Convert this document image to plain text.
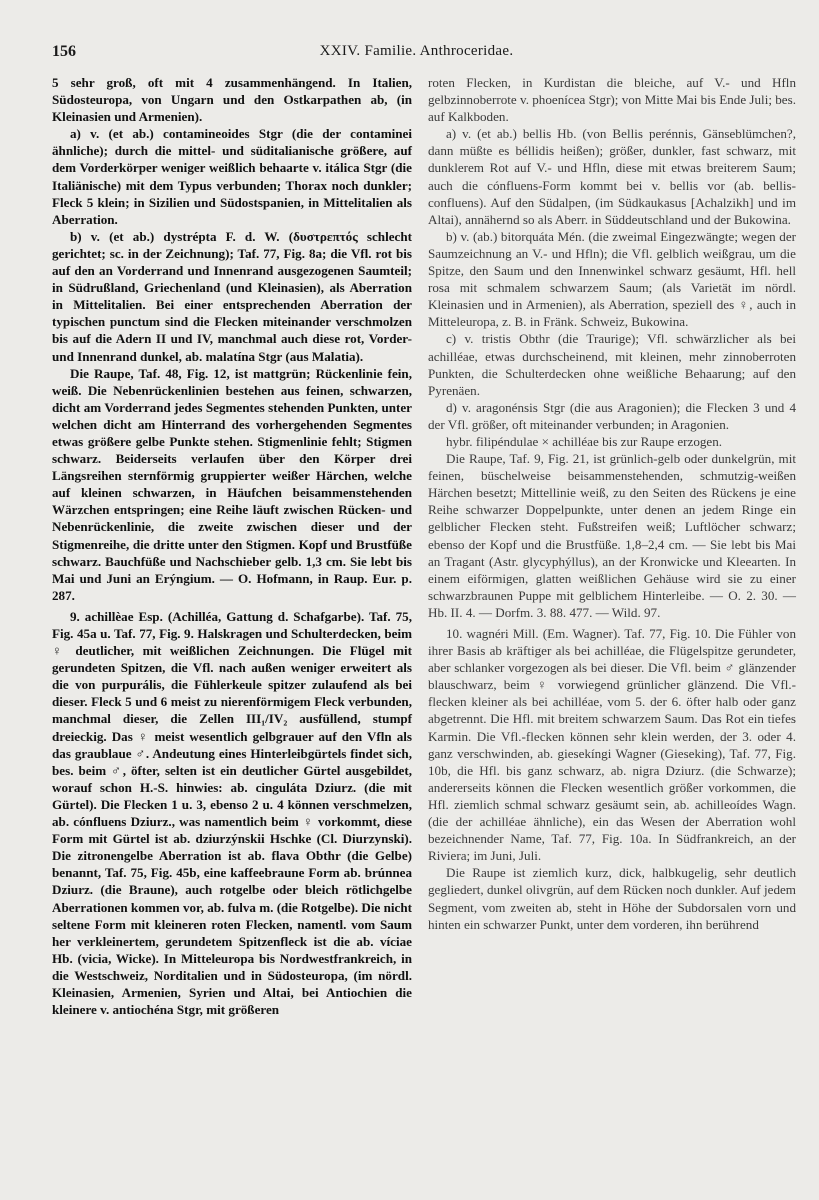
156	XXIV. Familie. Anthroceridae.

5 sehr groß, oft mit 4 zusammenhängend. In Italien, Südosteuropa, von Ungarn und den Ostkarpathen ab, (in Kleinasien und Armenien).

a) v. (et ab.) contamineoides Stgr (die der contaminei ähnliche); durch die mittel- und süditalianische größere, auf dem Vorderkörper weniger weißlich behaarte v. itálica Stgr (die Italiänische) mit dem Typus verbunden; Thorax noch dunkler; Fleck 5 klein; in Sizilien und Südostspanien, in Mittelitalien als Aberration.

b) v. (et ab.) dystrépta F. d. W. (δυστρεπτός schlecht gerichtet; sc. in der Zeichnung); Taf. 77, Fig. 8a; die Vfl. rot bis auf den an Vorderrand und Innenrand ausgezogenen Saumteil; in Südrußland, Griechenland (und Kleinasien), als Aberration in Mittelitalien. Bei einer entsprechenden Aberration der typischen punctum sind die Flecken miteinander verschmolzen bis auf die Adern II und IV, manchmal auch diese rot, Vorder- und Innenrand dunkel, ab. malatína Stgr (aus Malatia).

Die Raupe, Taf. 48, Fig. 12, ist mattgrün; Rückenlinie fein, weiß. Die Nebenrückenlinien bestehen aus feinen, schwarzen, dicht am Vorderrand jedes Segmentes stehenden Punkten, unter welchen dicht am Hinterrand des vorhergehenden Segmentes etwas größere gelbe Punkte stehen. Stigmenlinie fehlt; Stigmen schwarz. Beiderseits verlaufen über den Körper drei Längsreihen sternförmig gruppierter weißer Härchen, welche auf kleinen schwarzen, in Häufchen beisammenstehenden Wärzchen entspringen; eine Reihe läuft zwischen Rücken- und Nebenrückenlinie, die zweite zwischen dieser und der Stigmenreihe, die dritte unter den Stigmen. Kopf und Brustfüße schwarz. Bauchfüße und Nachschieber gelb. 1,3 cm. Sie lebt bis Mai und Juni an Erýngium. — O. Hofmann, in Raup. Eur. p. 287.

9. achillèae Esp. (Achilléa, Gattung d. Schafgarbe). Taf. 75, Fig. 45a u. Taf. 77, Fig. 9. Halskragen und Schulterdecken, beim ♀ deutlicher, mit weißlichen Zeichnungen. Die Flügel mit gerundeten Spitzen, die Vfl. nach außen weniger erweitert als die von purpurális, die Fühlerkeule spitzer zulaufend als bei dieser. Fleck 5 und 6 meist zu nierenförmigem Fleck verbunden, manchmal dieser, die Zellen III₁/IV₂ ausfüllend, stumpf dreieckig. Das ♀ meist wesentlich gelbgrauer auf den Vfln als das graublaue ♂. Andeutung eines Hinterleibgürtels findet sich, bes. beim ♂, öfter, selten ist ein deutlicher Gürtel ausgebildet, worauf schon H.-S. hinwies: ab. cinguláta Dziurz. (die mit Gürtel). Die Flecken 1 u. 3, ebenso 2 u. 4 können verschmelzen, ab. cónfluens Dziurz., was namentlich beim ♀ vorkommt, diese Form mit Gürtel ist ab. dziurzýnskii Hschke (Cl. Diurzynski). Die zitronengelbe Aberration ist ab. flava Obthr (die Gelbe) benannt, Taf. 75, Fig. 45b, eine kaffeebraune Form ab. brúnnea Dziurz. (die Braune), auch rotgelbe oder bleich rötlichgelbe Aberrationen kommen vor, ab. fulva m. (die Rotgelbe). Die nicht seltene Form mit kleineren roten Flecken, namentl. vom Saum her verkleinertem, gerundetem Spitzenfleck ist die ab. víciae Hb. (vicia, Wicke). In Mitteleuropa bis Nordwestfrankreich, in die Westschweiz, Norditalien und in Südosteuropa, (im nördl. Kleinasien, Armenien, Syrien und Altai, bei Antiochien die kleinere v. antiochéna Stgr, mit größeren

roten Flecken, in Kurdistan die bleiche, auf V.- und Hfln gelbzinnoberrote v. phoenícea Stgr); von Mitte Mai bis Ende Juli; bes. auf Kalkboden.

a) v. (et ab.) bellis Hb. (von Bellis perénnis, Gänseblümchen?, dann müßte es béllidis heißen); größer, dunkler, fast schwarz, mit dunklerem Rot auf V.- und Hfln, diese mit etwas breiterem Saum; auch die cónfluens-Form kommt bei v. bellis vor (ab. bellis-confluens). Auf den Südalpen, (im Südkaukasus [Achalzikh] und im Altai), annähernd so als Aberr. in Süddeutschland und der Bukowina.

b) v. (ab.) bitorquáta Mén. (die zweimal Eingezwängte; wegen der Saumzeichnung an V.- und Hfln); die Vfl. gelblich weißgrau, um die Spitze, den Saum und den Innenwinkel schwarz gesäumt, Hfl. hell rosa mit schmalem schwarzem Saum; (als Varietät im nördl. Kleinasien und in Armenien), als Aberration, speziell des ♀, auch in Mitteleuropa, z. B. in Fränk. Schweiz, Bukowina.

c) v. tristis Obthr (die Traurige); Vfl. schwärzlicher als bei achilléae, etwas durchscheinend, mit kleinen, mehr zinnoberroten Punkten, die Schulterdecken ohne weißliche Behaarung; auf den Pyrenäen.

d) v. aragonénsis Stgr (die aus Aragonien); die Flecken 3 und 4 der Vfl. größer, oft miteinander verbunden; in Aragonien.

hybr. filipéndulae × achilléae bis zur Raupe erzogen.

Die Raupe, Taf. 9, Fig. 21, ist grünlich-gelb oder dunkelgrün, mit feinen, büschelweise beisammenstehenden, schmutzig-weißen Härchen besetzt; Mittellinie weiß, zu den Seiten des Rückens je eine Reihe schwarzer Doppelpunkte, unter denen an jedem Ringe ein gelblicher Flecken steht. Fußstreifen weiß; Luftlöcher schwarz; ebenso der Kopf und die Brustfüße. 1,8–2,4 cm. — Sie lebt bis Mai an Tragant (Astr. glycyphýllus), an der Kronwicke und Kleearten. In einem eiförmigen, glatten weißlichen Gehäuse wird sie zu einer schwarzbraunen Puppe mit gelblichem Hinterleibe. — O. 2. 30. — Hb. II. 4. — Dorfm. 3. 88. 477. — Wild. 97.

10. wagnéri Mill. (Em. Wagner). Taf. 77, Fig. 10. Die Fühler von ihrer Basis ab kräftiger als bei achilléae, die Flügelspitze gerundeter, aber schlanker vorgezogen als bei dieser. Die Vfl. beim ♂ glänzender blauschwarz, beim ♀ vorwiegend grünlicher glänzend. Die Vfl.-flecken kleiner als bei achilléae, vom 5. der 6. öfter halb oder ganz abgetrennt. Die Hfl. mit breitem schwarzem Saum. Das Rot ein tiefes Karmin. Die Vfl.-flecken können sehr klein werden, der 3. oder 4. ganz verschwinden, ab. giesekíngi Wagner (Gieseking), Taf. 77, Fig. 10b, die Hfl. bis ganz schwarz, ab. nigra Dziurz. (die Schwarze); andererseits können die Flecken wesentlich größer vorkommen, die Hfl. ziemlich schmal schwarz gesäumt sein, ab. achilleoídes Wagn. (die der achilléae ähnliche), ein das Wesen der Aberration wohl bezeichnender Name, Taf. 77, Fig. 10a. In Südfrankreich, an der Riviera; im Juni, Juli.

Die Raupe ist ziemlich kurz, dick, halbkugelig, sehr deutlich gegliedert, dunkel olivgrün, auf dem Rücken noch dunkler. Auf jedem Segment, vom zweiten ab, steht in Höhe der Subdorsalen vorn und hinten ein schwarzer Punkt, unter dem vorderen, ihn berührend
